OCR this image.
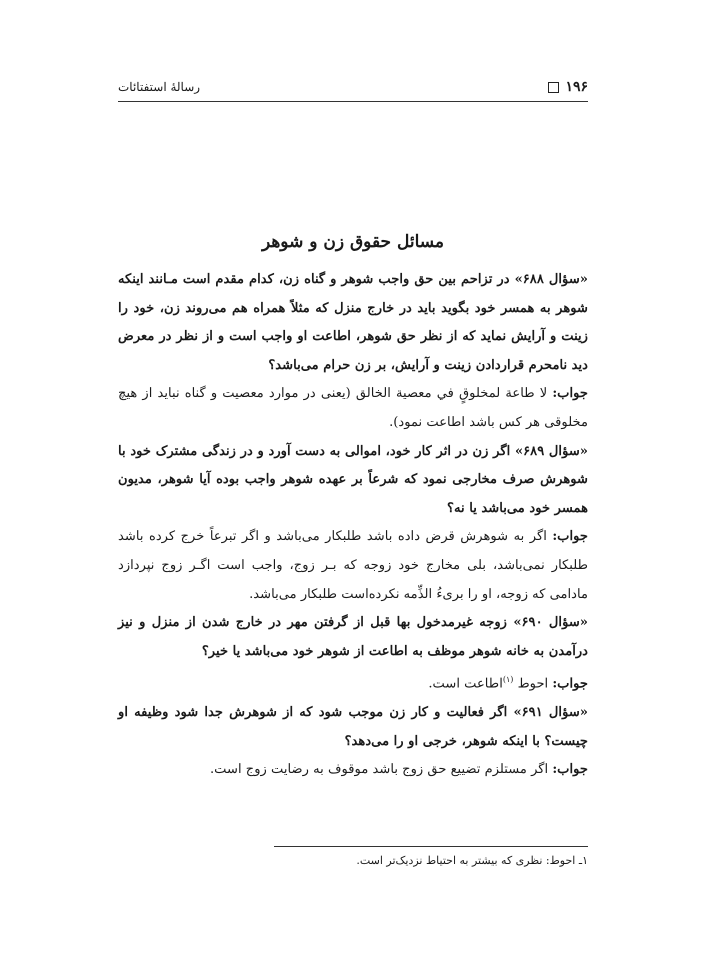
۱۹۶
رسالهٔ استفتائات
مسائل حقوق زن و شوهر

«سؤال ۶۸۸» در تزاحم بین حق واجب شوهر و گناه زن، کدام مقدم است مـانند اینکه شوهر به همسر خود بگوید باید در خارج منزل که مثلاً همراه هم می‌روند زن، خود را زینت و آرایش نماید که از نظر حق شوهر، اطاعت او واجب است و از نظر در معرض دید نامحرم قراردادن زینت و آرایش، بر زن حرام می‌باشد؟

جواب: لا طاعة لمخلوقٍ في معصية الخالق (یعنی در موارد معصیت و گناه نباید از هیچ مخلوقی هر کس باشد اطاعت نمود).

«سؤال ۶۸۹» اگر زن در اثر کار خود، اموالی به دست آورد و در زندگی مشترک خود با شوهرش صرف مخارجی نمود که شرعاً بر عهده شوهر واجب بوده آیا شوهر، مدیون همسر خود می‌باشد یا نه؟

جواب: اگر به شوهرش قرض داده باشد طلبکار می‌باشد و اگر تبرعاً خرج کرده باشد طلبکار نمی‌باشد، بلی مخارج خود زوجه که بـر زوج، واجب است اگـر زوج نپردازد مادامی که زوجه، او را بریءُ الذِّمه نکرده‌است طلبکار می‌باشد.

«سؤال ۶۹۰» زوجه غیرمدخول بها قبل از گرفتن مهر در خارج شدن از منزل و نیز درآمدن به خانه شوهر موظف به اطاعت از شوهر خود می‌باشد یا خیر؟

جواب: احوط $^{(۱)}$اطاعت است.

«سؤال ۶۹۱» اگر فعالیت و کار زن موجب شود که از شوهرش جدا شود وظیفه او چیست؟ با اینکه شوهر، خرجی او را می‌دهد؟

جواب: اگر مستلزم تضییع حق زوج باشد موقوف به رضایت زوج است.

۱ـ احوط: نظری که بیشتر به احتیاط نزدیک‌تر است.
